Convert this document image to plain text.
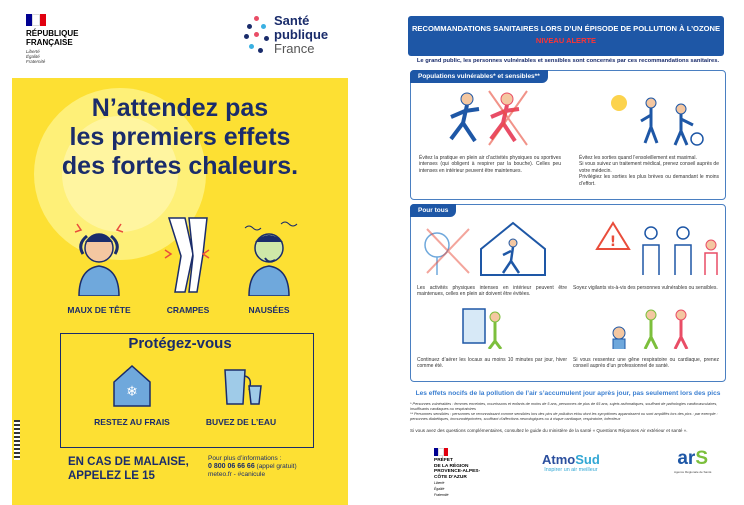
RÉPUBLIQUE
FRANÇAISE
Liberté
Égalité
Fraternité
Santé
publique
France
N’attendez pas
les premiers effets
des fortes chaleurs.
MAUX DE TÊTE	CRAMPES	NAUSÉES
Protégez-vous
❄
RESTEZ AU FRAIS	BUVEZ DE L’EAU
EN CAS DE MALAISE,
APPELEZ LE 15
Pour plus d’informations :
0 800 06 66 66 (appel gratuit)
meteo.fr - #canicule
RECOMMANDATIONS SANITAIRES LORS D’UN ÉPISODE DE POLLUTION À L’OZONE
NIVEAU ALERTE
Le grand public, les personnes vulnérables et sensibles sont concernés par ces recommandations sanitaires.
Populations vulnérables* et sensibles**
Évitez la pratique en plein air d’activités physiques ou sportives intenses (qui obligent à respirer par la bouche). Celles peu intenses en intérieur peuvent être maintenues.
Évitez les sorties quand l’ensoleillement est maximal.
Si vous suivez un traitement médical, prenez conseil auprès de votre médecin.
Privilégiez les sorties les plus brèves ou demandant le moins d’effort.
Pour tous
!
Les activités physiques intenses en intérieur peuvent être maintenues, celles en plein air doivent être évitées.
Soyez vigilants vis-à-vis des personnes vulnérables ou sensibles.
Continuez d’aérer les locaux au moins 10 minutes par jour, hiver comme été.
Si vous ressentez une gêne respiratoire ou cardiaque, prenez conseil auprès d’un professionnel de santé.
Les effets nocifs de la pollution de l’air s’accumulent jour après jour, pas seulement lors des pics
* Personnes vulnérables : femmes enceintes, nourrissons et enfants de moins de 5 ans, personnes de plus de 65 ans, sujets asthmatiques, souffrant de pathologies cardiovasculaires, insuffisants cardiaques ou respiratoires
** Personnes sensibles : personnes se reconnaissant comme sensibles lors des pics de pollution et/ou dont les symptômes apparaissent ou sont amplifiés lors des pics : par exemple : personnes diabétiques, immunodéprimées, souffrant d’affections neurologiques ou à risque cardiaque, respiratoire, infectieux
Si vous avez des questions complémentaires, consultez le guide du ministère de la santé « Questions Réponses Air extérieur et santé ».
PRÉFET
DE LA RÉGION
PROVENCE-ALPES-
CÔTE D’AZUR
Liberté
Égalité
Fraternité
AtmoSud
Inspirer un air meilleur
arS
Agence Régionale de Santé
